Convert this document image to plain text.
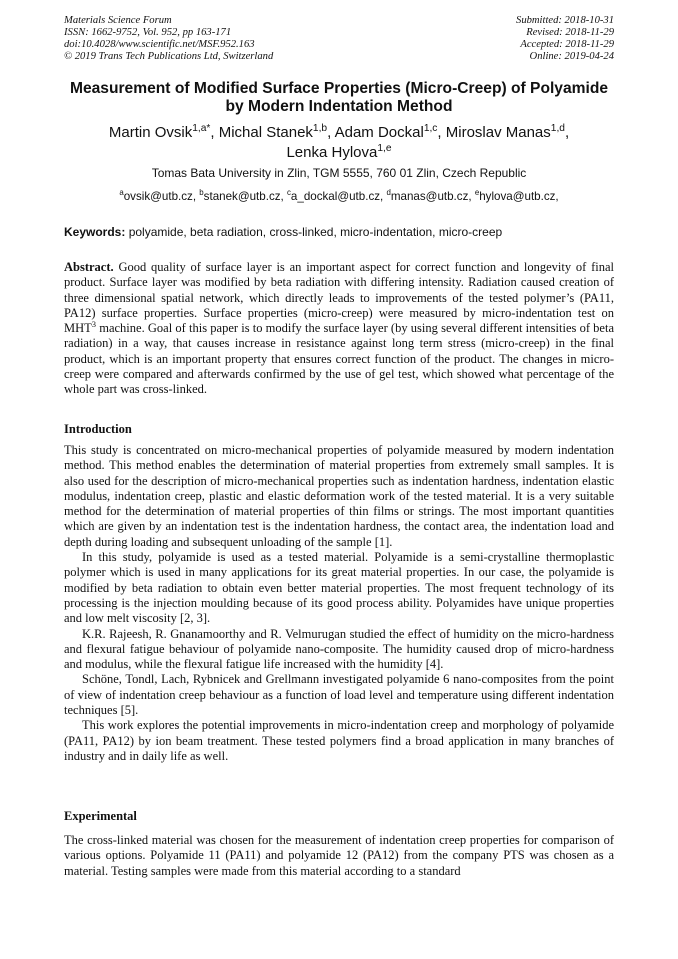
Materials Science Forum
ISSN: 1662-9752, Vol. 952, pp 163-171
doi:10.4028/www.scientific.net/MSF.952.163
© 2019 Trans Tech Publications Ltd, Switzerland
Submitted: 2018-10-31
Revised: 2018-11-29
Accepted: 2018-11-29
Online: 2019-04-24
Measurement of Modified Surface Properties (Micro-Creep) of Polyamide
by Modern Indentation Method
Martin Ovsik$^{1,a*}$, Michal Stanek$^{1,b}$, Adam Dockal$^{1,c}$, Miroslav Manas$^{1,d}$,
Lenka Hylova$^{1,e}$
Tomas Bata University in Zlin, TGM 5555, 760 01 Zlin, Czech Republic
$^a$ovsik@utb.cz, $^b$stanek@utb.cz, $^c$a_dockal@utb.cz, $^d$manas@utb.cz, $^e$hylova@utb.cz,
Keywords: polyamide, beta radiation, cross-linked, micro-indentation, micro-creep

Abstract. Good quality of surface layer is an important aspect for correct function and longevity of final product. Surface layer was modified by beta radiation with differing intensity. Radiation caused creation of three dimensional spatial network, which directly leads to improvements of the tested polymer’s (PA11, PA12) surface properties. Surface properties (micro-creep) were measured by micro-indentation test on MHT$^3$ machine. Goal of this paper is to modify the surface layer (by using several different intensities of beta radiation) in a way, that causes increase in resistance against long term stress (micro-creep) in the final product, which is an important property that ensures correct function of the product. The changes in micro-creep were compared and afterwards confirmed by the use of gel test, which showed what percentage of the whole part was cross-linked.

Introduction

This study is concentrated on micro-mechanical properties of polyamide measured by modern indentation method. This method enables the determination of material properties from extremely small samples. It is also used for the description of micro-mechanical properties such as indentation hardness, indentation elastic modulus, indentation creep, plastic and elastic deformation work of the tested material. It is a very suitable method for the determination of material properties of thin films or strings. The most important quantities which are given by an indentation test is the indentation hardness, the contact area, the indentation load and depth during loading and subsequent unloading of the sample [1].

In this study, polyamide is used as a tested material. Polyamide is a semi-crystalline thermoplastic polymer which is used in many applications for its great material properties. In our case, the polyamide is modified by beta radiation to obtain even better material properties. The most frequent technology of its processing is the injection moulding because of its good process ability. Polyamides have unique properties and low melt viscosity [2, 3].

K.R. Rajeesh, R. Gnanamoorthy and R. Velmurugan studied the effect of humidity on the micro-hardness and flexural fatigue behaviour of polyamide nano-composite. The humidity caused drop of micro-hardness and modulus, while the flexural fatigue life increased with the humidity [4].

Schöne, Tondl, Lach, Rybnicek and Grellmann investigated polyamide 6 nano-composites from the point of view of indentation creep behaviour as a function of load level and temperature using different indentation techniques [5].

This work explores the potential improvements in micro-indentation creep and morphology of polyamide (PA11, PA12) by ion beam treatment. These tested polymers find a broad application in many branches of industry and in daily life as well.

Experimental

The cross-linked material was chosen for the measurement of indentation creep properties for comparison of various options. Polyamide 11 (PA11) and polyamide 12 (PA12) from the company PTS was chosen as a material. Testing samples were made from this material according to a standard
